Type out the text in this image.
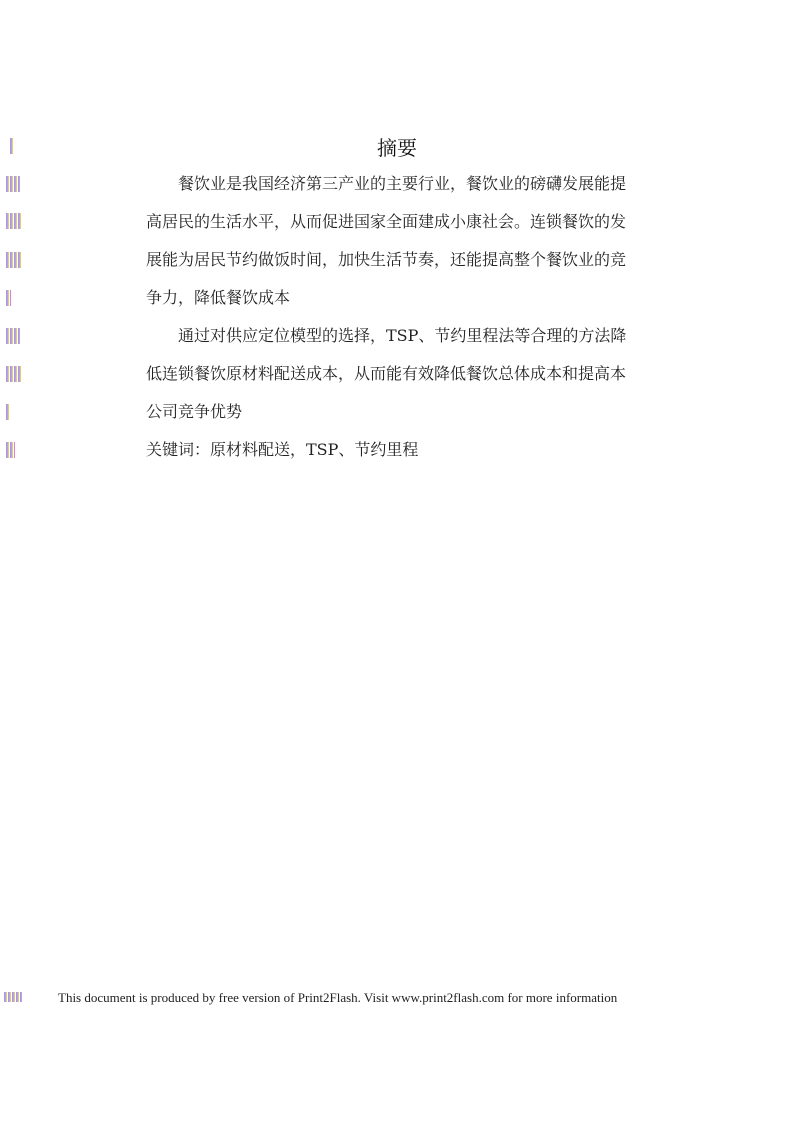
摘要
餐饮业是我国经济第三产业的主要行业，餐饮业的磅礴发展能提
高居民的生活水平，从而促进国家全面建成小康社会。连锁餐饮的发
展能为居民节约做饭时间，加快生活节奏，还能提高整个餐饮业的竞
争力，降低餐饮成本
通过对供应定位模型的选择，TSP、节约里程法等合理的方法降
低连锁餐饮原材料配送成本，从而能有效降低餐饮总体成本和提高本
公司竞争优势
关键词：原材料配送，TSP、节约里程
This document is produced by free version of Print2Flash. Visit www.print2flash.com for more information
